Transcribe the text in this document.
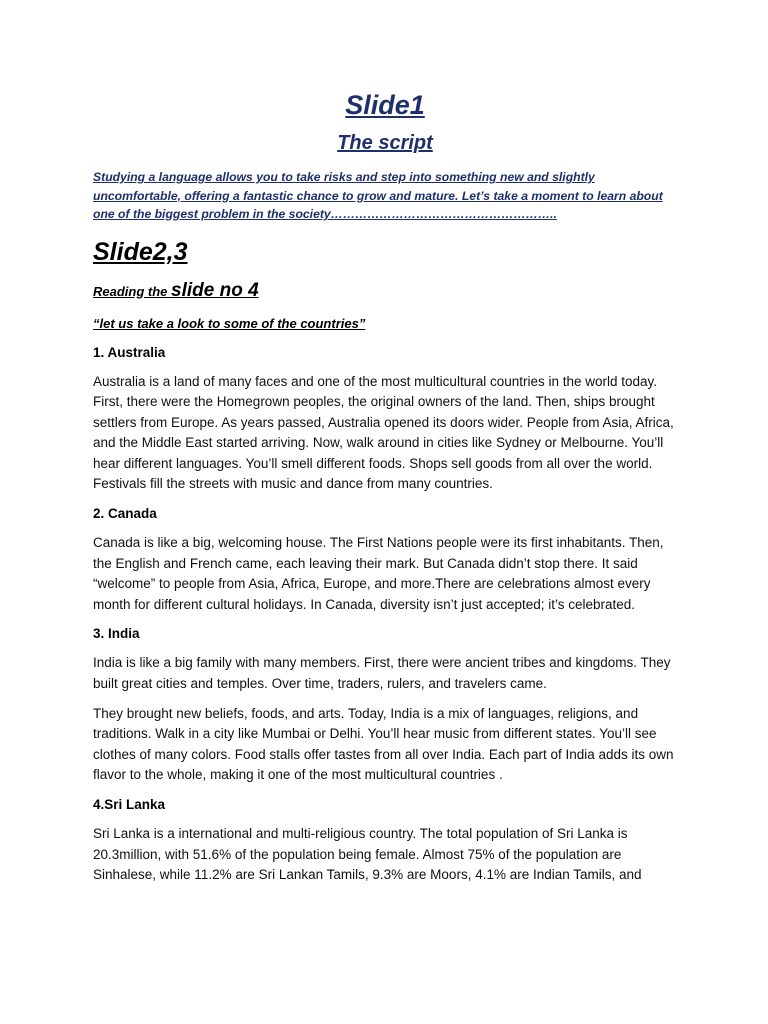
Slide1
The script

Studying a language allows you to take risks and step into something new and slightly uncomfortable, offering a fantastic chance to grow and mature. Let’s take a moment to learn about one of the biggest problem in the society………………………………………………..

Slide2,3

Reading the slide no 4

“let us take a look to some of the countries”

1. Australia

Australia is a land of many faces and one of the most multicultural countries in the world today. First, there were the Homegrown peoples, the original owners of the land. Then, ships brought settlers from Europe. As years passed, Australia opened its doors wider. People from Asia, Africa, and the Middle East started arriving. Now, walk around in cities like Sydney or Melbourne. You’ll hear different languages. You’ll smell different foods. Shops sell goods from all over the world. Festivals fill the streets with music and dance from many countries.

2. Canada

Canada is like a big, welcoming house. The First Nations people were its first inhabitants. Then, the English and French came, each leaving their mark. But Canada didn’t stop there. It said “welcome” to people from Asia, Africa, Europe, and more.There are celebrations almost every month for different cultural holidays. In Canada, diversity isn’t just accepted; it’s celebrated.

3. India

India is like a big family with many members. First, there were ancient tribes and kingdoms. They built great cities and temples. Over time, traders, rulers, and travelers came.

They brought new beliefs, foods, and arts. Today, India is a mix of languages, religions, and traditions. Walk in a city like Mumbai or Delhi. You’ll hear music from different states. You’ll see clothes of many colors. Food stalls offer tastes from all over India. Each part of India adds its own flavor to the whole, making it one of the most multicultural countries .

4.Sri Lanka

Sri Lanka is a international and multi-religious country. The total population of Sri Lanka is 20.3million, with 51.6% of the population being female. Almost 75% of the population are Sinhalese, while 11.2% are Sri Lankan Tamils, 9.3% are Moors, 4.1% are Indian Tamils, and
